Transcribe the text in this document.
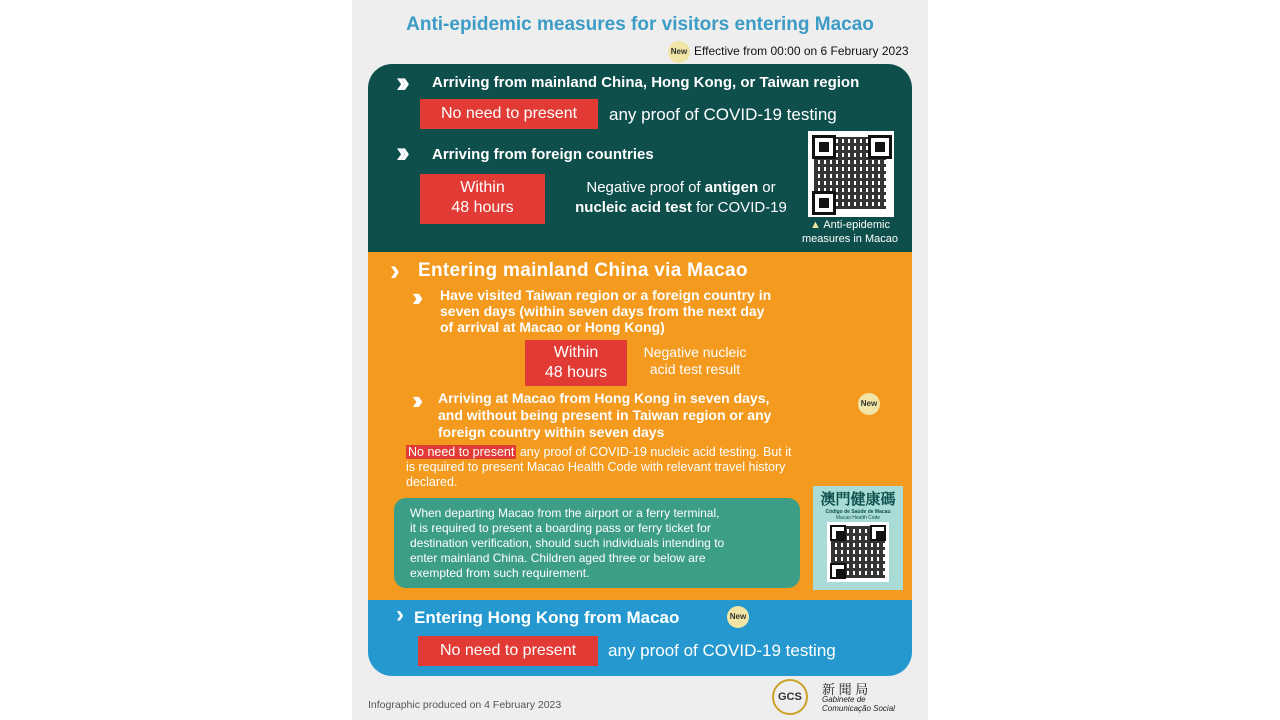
Anti-epidemic measures for visitors entering Macao
New Effective from 00:00 on 6 February 2023
›› Arriving from mainland China, Hong Kong, or Taiwan region
No need to present	any proof of COVID-19 testing
›› Arriving from foreign countries
Within
48 hours
Negative proof of antigen or
nucleic acid test for COVID-19
▲ Anti-epidemic
measures in Macao
› Entering mainland China via Macao
›› Have visited Taiwan region or a foreign country in
seven days (within seven days from the next day
of arrival at Macao or Hong Kong)
Within
48 hours
Negative nucleic
acid test result
›› Arriving at Macao from Hong Kong in seven days,
and without being present in Taiwan region or any
foreign country within seven days
New
No need to present any proof of COVID-19 nucleic acid testing. But it
is required to present Macao Health Code with relevant travel history
declared.
When departing Macao from the airport or a ferry terminal,
it is required to present a boarding pass or ferry ticket for
destination verification, should such individuals intending to
enter mainland China. Children aged three or below are
exempted from such requirement.
澳門健康碼
Código de Saúde de Macau
Macao Health Code
› Entering Hong Kong from Macao	New
No need to present	any proof of COVID-19 testing
Infographic produced on 4 February 2023
GCS 新 聞 局
Gabinete de
Comunicação Social
